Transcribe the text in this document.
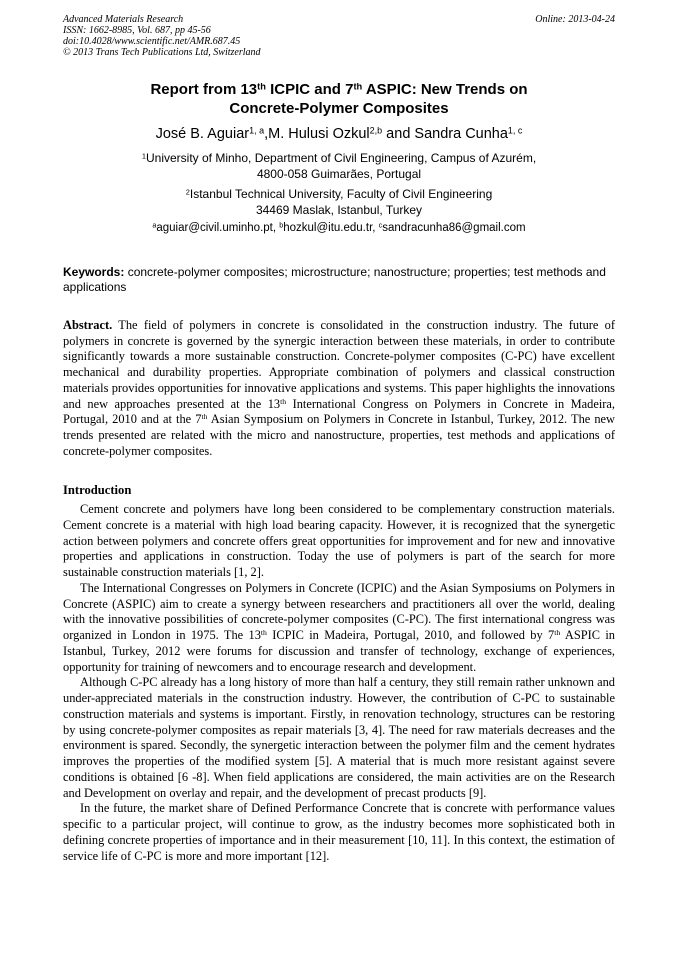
Advanced Materials Research
ISSN: 1662-8985, Vol. 687, pp 45-56
doi:10.4028/www.scientific.net/AMR.687.45
© 2013 Trans Tech Publications Ltd, Switzerland
Online: 2013-04-24
Report from 13th ICPIC and 7th ASPIC: New Trends on
Concrete-Polymer Composites
José B. Aguiar$^{1, a}$,M. Hulusi Ozkul$^{2,b}$ and Sandra Cunha$^{1, c}$
$^1$University of Minho, Department of Civil Engineering, Campus of Azurém,
4800-058 Guimarães, Portugal
$^2$Istanbul Technical University, Faculty of Civil Engineering
34469 Maslak, Istanbul, Turkey
$^a$aguiar@civil.uminho.pt, $^b$hozkul@itu.edu.tr, $^c$sandracunha86@gmail.com
Keywords: concrete-polymer composites; microstructure; nanostructure; properties; test methods and applications
Abstract. The field of polymers in concrete is consolidated in the construction industry. The future of polymers in concrete is governed by the synergic interaction between these materials, in order to contribute significantly towards a more sustainable construction. Concrete-polymer composites (C-PC) have excellent mechanical and durability properties. Appropriate combination of polymers and classical construction materials provides opportunities for innovative applications and systems. This paper highlights the innovations and new approaches presented at the 13th International Congress on Polymers in Concrete in Madeira, Portugal, 2010 and at the 7th Asian Symposium on Polymers in Concrete in Istanbul, Turkey, 2012. The new trends presented are related with the micro and nanostructure, properties, test methods and applications of concrete-polymer composites.
Introduction

Cement concrete and polymers have long been considered to be complementary construction materials. Cement concrete is a material with high load bearing capacity. However, it is recognized that the synergetic action between polymers and concrete offers great opportunities for improvement and for new and innovative properties and applications in construction. Today the use of polymers is part of the search for more sustainable construction materials [1, 2].

The International Congresses on Polymers in Concrete (ICPIC) and the Asian Symposiums on Polymers in Concrete (ASPIC) aim to create a synergy between researchers and practitioners all over the world, dealing with the innovative possibilities of concrete-polymer composites (C-PC). The first international congress was organized in London in 1975. The 13th ICPIC in Madeira, Portugal, 2010, and followed by 7th ASPIC in Istanbul, Turkey, 2012 were forums for discussion and transfer of technology, exchange of experiences, opportunity for training of newcomers and to encourage research and development.

Although C-PC already has a long history of more than half a century, they still remain rather unknown and under-appreciated materials in the construction industry. However, the contribution of C-PC to sustainable construction materials and systems is important. Firstly, in renovation technology, structures can be restoring by using concrete-polymer composites as repair materials [3, 4]. The need for raw materials decreases and the environment is spared. Secondly, the synergetic interaction between the polymer film and the cement hydrates improves the properties of the modified system [5]. A material that is much more resistant against severe conditions is obtained [6 -8]. When field applications are considered, the main activities are on the Research and Development on overlay and repair, and the development of precast products [9].

In the future, the market share of Defined Performance Concrete that is concrete with performance values specific to a particular project, will continue to grow, as the industry becomes more sophisticated both in defining concrete properties of importance and in their measurement [10, 11]. In this context, the estimation of service life of C-PC is more and more important [12].
